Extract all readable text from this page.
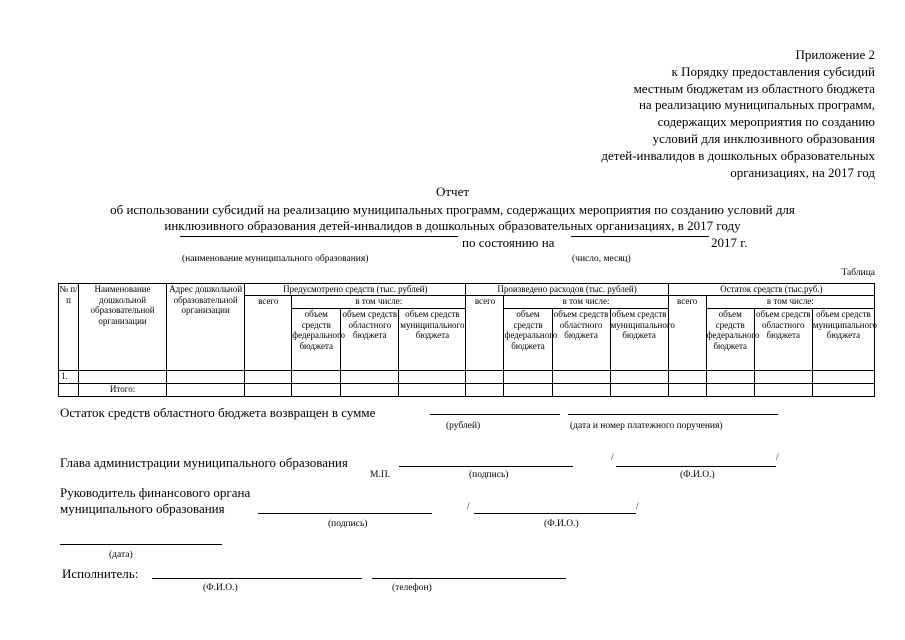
Приложение 2
к Порядку предоставления субсидий
местным бюджетам из областного бюджета
на реализацию муниципальных программ,
содержащих мероприятия по созданию
условий для инклюзивного образования
детей-инвалидов в дошкольных образовательных
организациях, на 2017 год
Отчет
об использовании субсидий на реализацию муниципальных программ, содержащих мероприятия по созданию условий для
инклюзивного образования детей-инвалидов в дошкольных образовательных организациях, в 2017 году
по состоянию на	2017 г.
(наименование муниципального образования)	(число, месяц)
Таблица
№ п/п	Наименование дошкольной образовательной организации	Адрес дошкольной образовательной организации	Предусмотрено средств (тыс. рублей)				Произведено расходов (тыс. рублей)				Остаток средств (тыс.руб.)			
			всего	в том числе:			всего	в том числе:			всего	в том числе:		
				объем средств федерального бюджета	объем средств областного бюджета	объем средств муниципального бюджета		объем средств федерального бюджета	объем средств областного бюджета	объем средств муниципального бюджета		объем средств федерального бюджета	объем средств областного бюджета	объем средств муниципального бюджета
1.														
	Итого:													
Остаток средств областного бюджета возвращен в сумме
(рублей)	(дата и номер платежного поручения)
Глава администрации муниципального образования	/	/
М.П.	(подпись)	(Ф.И.О.)
Руководитель финансового органа
муниципального образования	/	/
(подпись)	(Ф.И.О.)
(дата)
Исполнитель:
(Ф.И.О.)	(телефон)
